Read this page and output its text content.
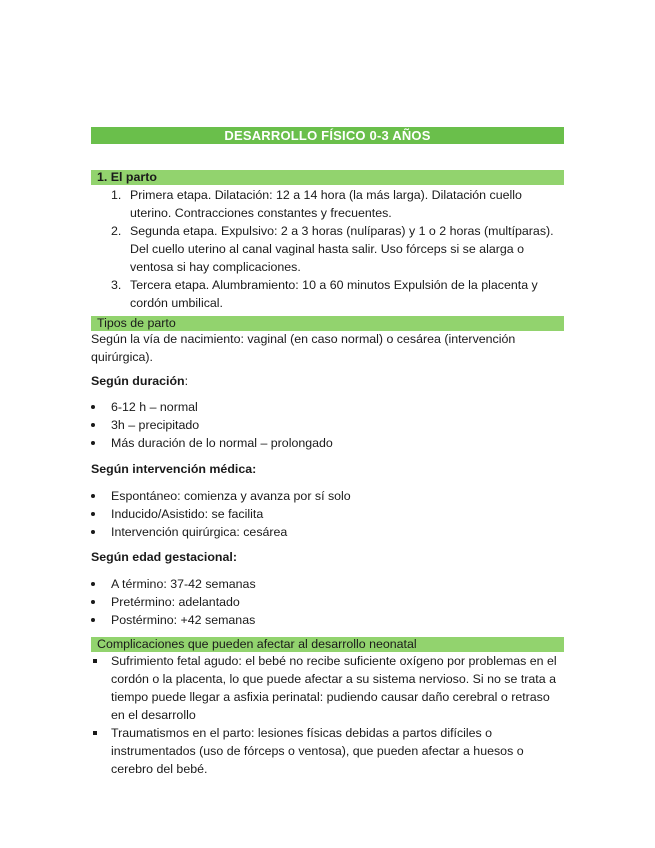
DESARROLLO FÍSICO 0-3 AÑOS
1. El parto
1. Primera etapa. Dilatación: 12 a 14 hora (la más larga). Dilatación cuello uterino. Contracciones constantes y frecuentes.
2. Segunda etapa. Expulsivo: 2 a 3 horas (nulíparas) y 1 o 2 horas (multíparas). Del cuello uterino al canal vaginal hasta salir. Uso fórceps si se alarga o ventosa si hay complicaciones.
3. Tercera etapa. Alumbramiento: 10 a 60 minutos Expulsión de la placenta y cordón umbilical.
Tipos de parto

Según la vía de nacimiento: vaginal (en caso normal) o cesárea (intervención quirúrgica).

Según duración:

6-12 h – normal
3h – precipitado
Más duración de lo normal – prolongado

Según intervención médica:

Espontáneo: comienza y avanza por sí solo
Inducido/Asistido: se facilita
Intervención quirúrgica: cesárea

Según edad gestacional:

A término: 37-42 semanas
Pretérmino: adelantado
Postérmino: +42 semanas
Complicaciones que pueden afectar al desarrollo neonatal
Sufrimiento fetal agudo: el bebé no recibe suficiente oxígeno por problemas en el cordón o la placenta, lo que puede afectar a su sistema nervioso. Si no se trata a tiempo puede llegar a asfixia perinatal: pudiendo causar daño cerebral o retraso en el desarrollo
Traumatismos en el parto: lesiones físicas debidas a partos difíciles o instrumentados (uso de fórceps o ventosa), que pueden afectar a huesos o cerebro del bebé.
